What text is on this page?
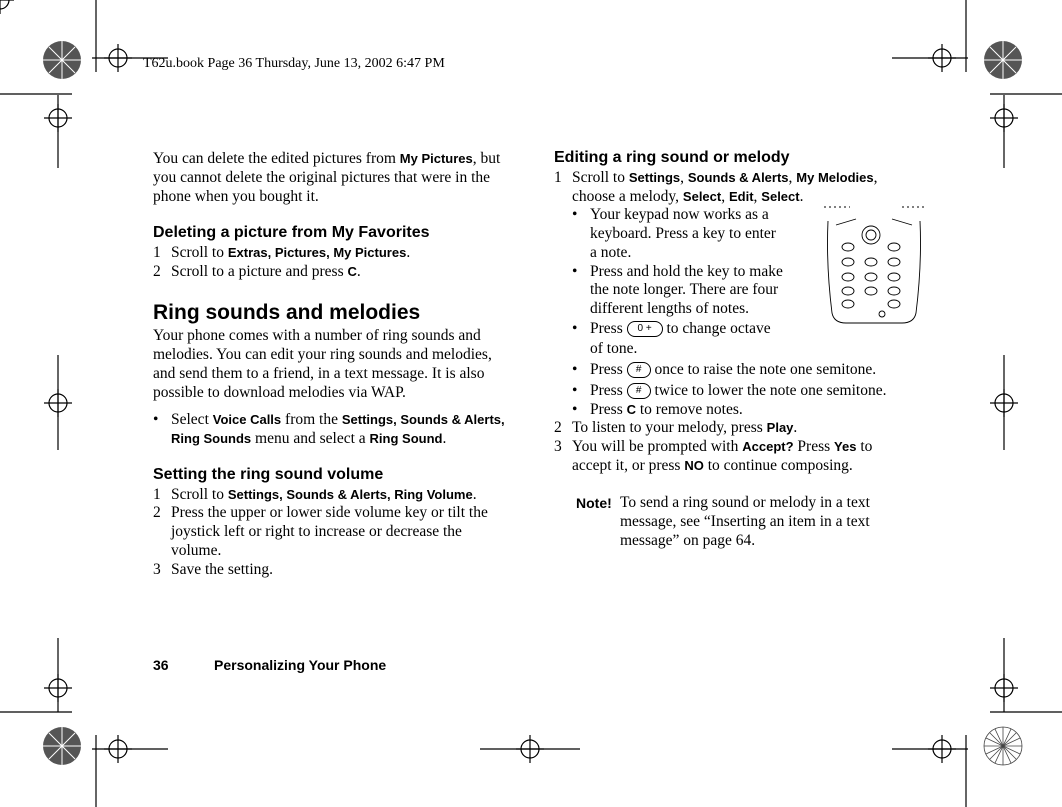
T62u.book Page 36 Thursday, June 13, 2002 6:47 PM
You can delete the edited pictures from My Pictures, but
you cannot delete the original pictures that were in the
phone when you bought it.
Deleting a picture from My Favorites
1 Scroll to Extras, Pictures, My Pictures.
2 Scroll to a picture and press C.
Ring sounds and melodies
Your phone comes with a number of ring sounds and
melodies. You can edit your ring sounds and melodies,
and send them to a friend, in a text message. It is also
possible to download melodies via WAP.
• Select Voice Calls from the Settings, Sounds & Alerts,
Ring Sounds menu and select a Ring Sound.
Setting the ring sound volume
1 Scroll to Settings, Sounds & Alerts, Ring Volume.
2 Press the upper or lower side volume key or tilt the
joystick left or right to increase or decrease the
volume.
3 Save the setting.
Editing a ring sound or melody
1 Scroll to Settings, Sounds & Alerts, My Melodies,
choose a melody, Select, Edit, Select.
• Your keypad now works as a
keyboard. Press a key to enter
a note.
• Press and hold the key to make
the note longer. There are four
different lengths of notes.
• Press 0 + to change octave
of tone.
• Press # once to raise the note one semitone.
• Press # twice to lower the note one semitone.
• Press C to remove notes.
2 To listen to your melody, press Play.
3 You will be prompted with Accept? Press Yes to
accept it, or press NO to continue composing.
Note! To send a ring sound or melody in a text
message, see “Inserting an item in a text
message” on page 64.
36	Personalizing Your Phone
